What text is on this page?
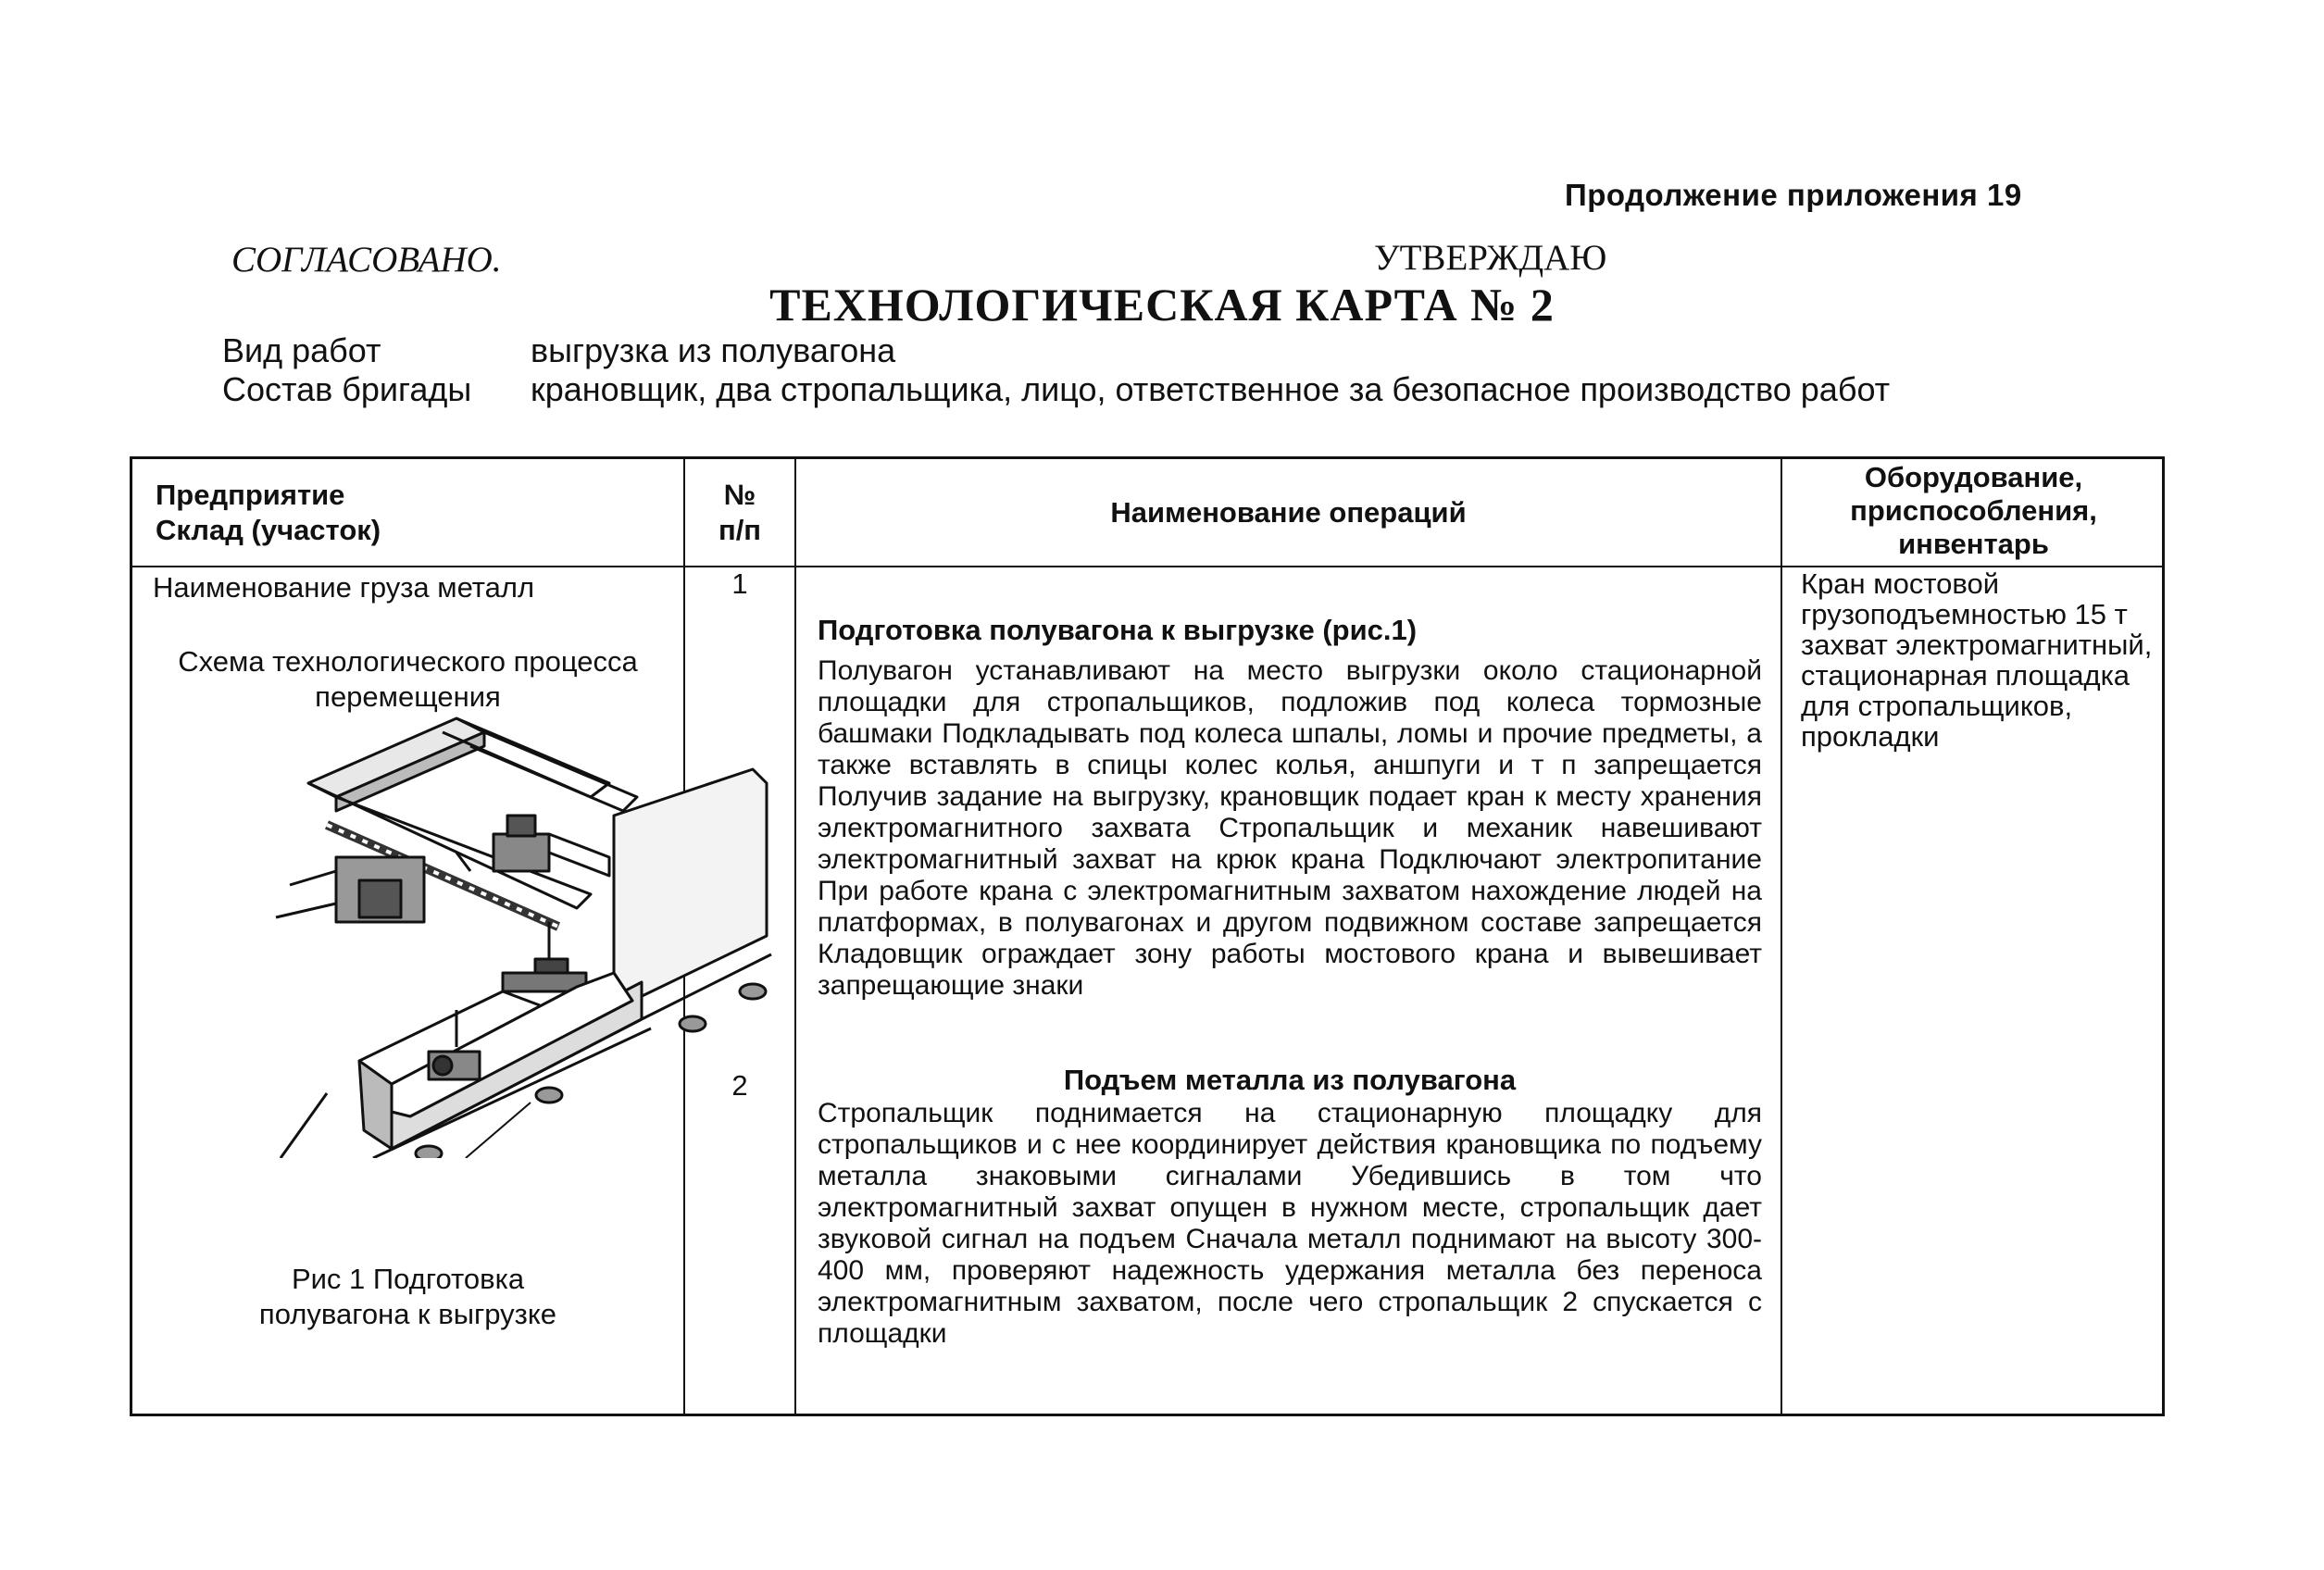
Продолжение приложения 19
СОГЛАСОВАНО.	УТВЕРЖДАЮ
ТЕХНОЛОГИЧЕСКАЯ КАРТА № 2
Вид работ	выгрузка из полувагона
Состав бригады крановщик, два стропальщика, лицо, ответственное за безопасное производство работ
Предприятие
Склад (участок)
№
п/п
Наименование операций
Оборудование,
приспособления,
инвентарь
Наименование груза металл
Схема технологического процесса
перемещения
Рис 1 Подготовка
полувагона к выгрузке
1
2
Подготовка полувагона к выгрузке (рис.1)
Полувагон устанавливают на место выгрузки около стационарной площадки для стропальщиков, подложив под колеса тормозные башмаки Подкладывать под колеса шпалы, ломы и прочие предметы, а также вставлять в спицы колес колья, аншпуги и т п запрещается Получив задание на выгрузку, крановщик подает кран к месту хранения электромагнитного захвата Стропальщик и механик навешивают электромагнитный захват на крюк крана Подключают электропитание При работе крана с электромагнитным захватом нахождение людей на платформах, в полувагонах и другом подвижном составе запрещается Кладовщик ограждает зону работы мостового крана и вывешивает запрещающие знаки
Подъем металла из полувагона
Стропальщик поднимается на стационарную площадку для стропальщиков и с нее координирует действия крановщика по подъему металла знаковыми сигналами Убедившись в том что электромагнитный захват опущен в нужном месте, стропальщик дает звуковой сигнал на подъем Сначала металл поднимают на высоту 300-400 мм, проверяют надежность удержания металла без переноса электромагнитным захватом, после чего стропальщик 2 спускается с площадки
Кран мостовой грузоподъемностью 15 т захват электромагнитный, стационарная площадка для стропальщиков, прокладки
